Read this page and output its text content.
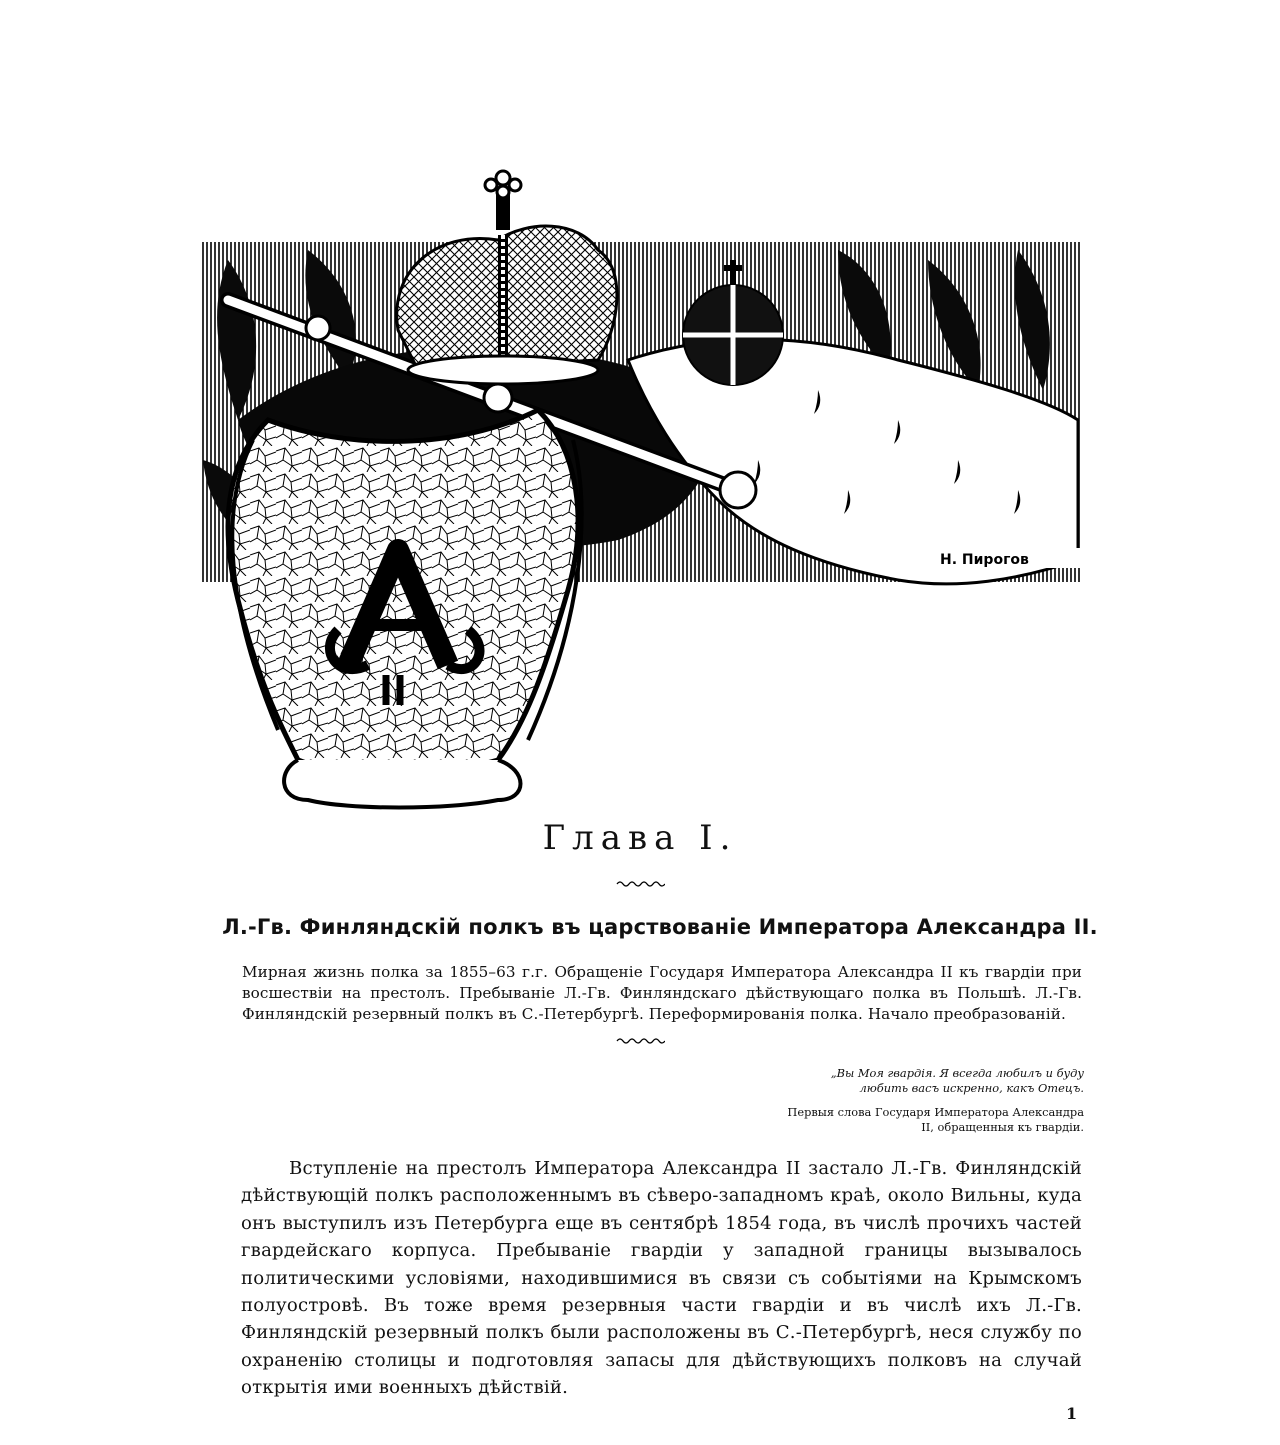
Н. Пирогов
Глава I.
Л.-Гв. Финляндскій полкъ въ царствованіе Императора Александра II.

Мирная жизнь полка за 1855–63 г.г. Обращеніе Государя Императора Александра II къ гвардіи при восшествіи на престолъ. Пребываніе Л.-Гв. Финляндскаго дѣйствующаго полка въ Польшѣ. Л.-Гв. Финляндскій резервный полкъ въ С.-Петербургѣ. Переформированія полка. Начало преобразованій.

„Вы Моя гвардія. Я всегда любилъ и буду любить васъ искренно, какъ Отецъ.

Первыя слова Государя Императора Александра II, обращенныя къ гвардіи.

Вступленіе на престолъ Императора Александра II застало Л.-Гв. Финляндскій дѣйствующій полкъ расположеннымъ въ сѣверо-западномъ краѣ, около Вильны, куда онъ выступилъ изъ Петербурга еще въ сентябрѣ 1854 года, въ числѣ прочихъ частей гвардейскаго корпуса. Пребываніе гвардіи у западной границы вызывалось политическими условіями, находившимися въ связи съ событіями на Крымскомъ полуостровѣ. Въ тоже время резервныя части гвардіи и въ числѣ ихъ Л.-Гв. Финляндскій резервный полкъ были расположены въ С.-Петербургѣ, неся службу по охраненію столицы и подготовляя запасы для дѣйствующихъ полковъ на случай открытія ими военныхъ дѣйствій.

1
